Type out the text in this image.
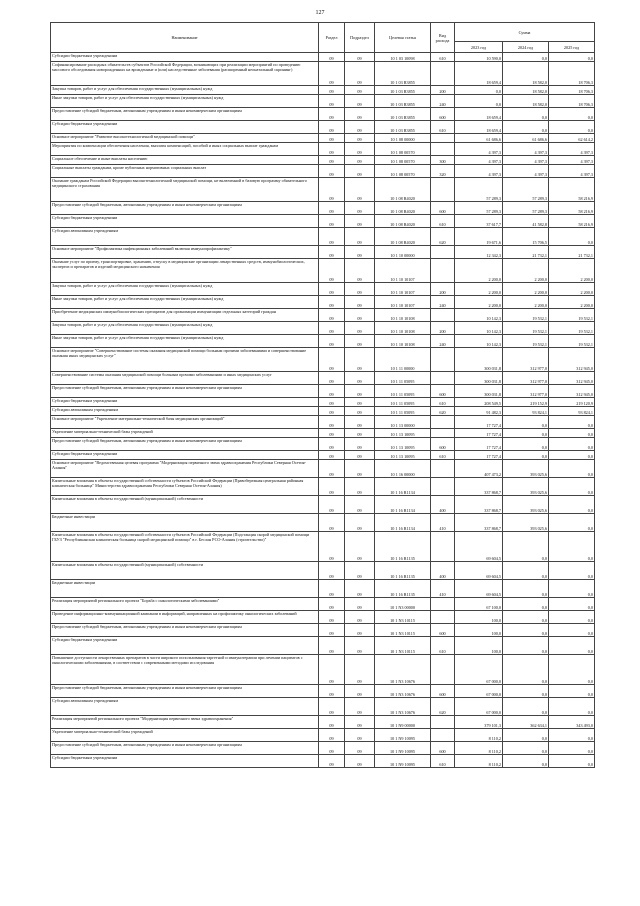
127
Наименование	Раздел	Подраздел	Целевая статья	Вид расхода	Сумма		
					2023 год	2024 год	2025 год
Субсидии бюджетным учреждениям	09	09	10 1 03 10098	610	10 590,0	0,0	0,0
Софинансирование расходных обязательств субъектов Российской Федерации, возникающих при реализации мероприятий по проведению массового обследования новорожденных на врожденные и (или) наследственные заболевания (расширенный неонатальный скрининг)	09	09	10 1 03 R3855		18 659,4	18 582,0	18 706,3
Закупка товаров, работ и услуг для обеспечения государственных (муниципальных) нужд	09	09	10 1 03 R3855	200	0,0	18 582,0	18 706,3
Иные закупки товаров, работ и услуг для обеспечения государственных (муниципальных) нужд	09	09	10 1 03 R3855	240	0,0	18 582,0	18 706,3
Предоставление субсидий бюджетным, автономным учреждениям и иным некоммерческим организациям	09	09	10 1 03 R3855	600	18 659,4	0,0	0,0
Субсидии бюджетным учреждениям	09	09	10 1 03 R3855	610	18 659,4	0,0	0,0
Основное мероприятие "Развитие высокотехнологичной медицинской помощи"	09	09	10 1 08 00000		61 686,6	61 686,6	62 614,2
Мероприятия по компенсации обеспечения населения, выплаты компенсаций, пособий и иных социальных выплат гражданам	09	09	10 1 08 00570		4 397,3	4 397,3	4 397,3
Социальное обеспечение и иные выплаты населению	09	09	10 1 08 00570	300	4 397,3	4 397,3	4 397,3
Социальные выплаты гражданам, кроме публичных нормативных социальных выплат	09	09	10 1 08 00570	320	4 397,3	4 397,3	4 397,3
Оказание гражданам Российской Федерации высокотехнологичной медицинской помощи, не включенной в базовую программу обязательного медицинского страхования	09	09	10 1 08 R4020		57 289,3	57 289,3	58 216,9
Предоставление субсидий бюджетным, автономным учреждениям и иным некоммерческим организациям	09	09	10 1 08 R4020	600	57 289,3	57 289,3	58 216,9
Субсидии бюджетным учреждениям	09	09	10 1 08 R4020	610	37 617,7	41 582,8	58 216,9
Субсидии автономным учреждениям	09	09	10 1 08 R4020	620	19 671,6	15 706,5	0,0
Основное мероприятие "Профилактика инфекционных заболеваний включая иммунопрофилактику"	09	09	10 1 10 00000		12 342,3	21 732,1	21 732,1
Оказание услуг по приему, транспортировке, хранению, отпуску в медицинские организации лекарственных средств, иммунобиологических, экспертиз и препаратов и изделий медицинского назначения	09	09	10 1 10 10107		2 200,0	2 200,0	2 200,0
Закупка товаров, работ и услуг для обеспечения государственных (муниципальных) нужд	09	09	10 1 10 10107	200	2 200,0	2 200,0	2 200,0
Иные закупки товаров, работ и услуг для обеспечения государственных (муниципальных) нужд	09	09	10 1 10 10107	240	2 200,0	2 200,0	2 200,0
Приобретение медицинских иммунобиологических препаратов для организации иммунизации отдельных категорий граждан	09	09	10 1 10 10108		10 142,3	19 532,1	19 532,1
Закупка товаров, работ и услуг для обеспечения государственных (муниципальных) нужд	09	09	10 1 10 10108	200	10 142,3	19 532,1	19 532,1
Иные закупки товаров, работ и услуг для обеспечения государственных (муниципальных) нужд	09	09	10 1 10 10108	240	10 142,3	19 532,1	19 532,1
Основное мероприятие "Совершенствование системы оказания медицинской помощи больным прочими заболеваниями и совершенствование оказания иных медицинских услуг"	09	09	10 1 11 00000		300 031,8	312 977,0	312 945,0
Совершенствование системы оказания медицинской помощи больным прочими заболеваниями и иных медицинских услуг	09	09	10 1 11 05095		300 031,8	312 977,0	312 945,0
Предоставление субсидий бюджетным, автономным учреждениям и иным некоммерческим организациям	09	09	10 1 11 05095	600	300 031,8	312 977,0	312 945,0
Субсидии бюджетным учреждениям	09	09	10 1 11 05095	610	208 549,5	219 152,9	219 120,9
Субсидии автономным учреждениям	09	09	10 1 11 05095	620	91 482,3	93 824,1	93 824,1
Основное мероприятие "Укрепление материально-технической базы медицинских организаций"	09	09	10 1 13 00000		17 727,4	0,0	0,0
Укрепление материально-технической базы учреждений	09	09	10 1 13 10095		17 727,4	0,0	0,0
Предоставление субсидий бюджетным, автономным учреждениям и иным некоммерческим организациям	09	09	10 1 13 10095	600	17 727,4	0,0	0,0
Субсидии бюджетным учреждениям	09	09	10 1 13 10095	610	17 727,4	0,0	0,0
Основное мероприятие "Ведомственная целевая программа "Модернизация первичного звена здравоохранения Республики Северная Осетия-Алания"	09	09	10 1 16 00000		407 473,2	393 025,6	0,0
Капитальные вложения в объекты государственной собственности субъектов Российской Федерации (Правобережная центральная районная клиническая больница" Министерства здравоохранения Республики Северная Осетия-Алания)	09	09	10 1 16 R1134		337 868,7	393 025,6	0,0
Капитальные вложения в объекты государственной (муниципальной) собственности	09	09	10 1 16 R1134	400	337 868,7	393 025,6	0,0
Бюджетные инвестиции	09	09	10 1 16 R1134	410	337 868,7	393 025,6	0,0
Капитальные вложения в объекты государственной собственности субъектов Российской Федерации (Подстанция скорой медицинской помощи ГБУЗ "Республиканская клиническая больница скорой медицинской помощи" в г. Беслан РСО-Алания (строительство)"	09	09	10 1 16 R1135		69 604,5	0,0	0,0
Капитальные вложения в объекты государственной (муниципальной) собственности	09	09	10 1 16 R1135	400	69 604,5	0,0	0,0
Бюджетные инвестиции	09	09	10 1 16 R1135	410	69 604,5	0,0	0,0
Реализация мероприятий регионального проекта "Борьба с онкологическими заболеваниями"	09	09	10 1 N3 00000		67 100,0	0,0	0,0
Проведение информационно-коммуникационной кампании в информаций, направленных на профилактику онкологических заболеваний	09	09	10 1 N3 10115		100,0	0,0	0,0
Предоставление субсидий бюджетным, автономным учреждениям и иным некоммерческим организациям	09	09	10 1 N3 10115	600	100,0	0,0	0,0
Субсидии бюджетным учреждениям	09	09	10 1 N3 10115	610	100,0	0,0	0,0
Повышение доступности лекарственных препаратов в части широкого использования таргетной и иммунотерапии при лечении пациентов с онкологическими заболеваниями, в соответствии с современными методами исследования	09	09	10 1 N3 10676		67 000,0	0,0	0,0
Предоставление субсидий бюджетным, автономным учреждениям и иным некоммерческим организациям	09	09	10 1 N3 10676	600	67 000,0	0,0	0,0
Субсидии автономным учреждениям	09	09	10 1 N3 10676	620	67 000,0	0,0	0,0
Реализация мероприятий регионального проекта "Модернизация первичного звена здравоохранения"	09	09	10 1 N9 00000		379 101,3	362 634,1	343 493,0
Укрепление материально-технической базы учреждений	09	09	10 1 N9 10095		8 110,2	0,0	0,0
Предоставление субсидий бюджетным, автономным учреждениям и иным некоммерческим организациям	09	09	10 1 N9 10095	600	8 110,2	0,0	0,0
Субсидии бюджетным учреждениям	09	09	10 1 N9 10095	610	8 110,2	0,0	0,0
